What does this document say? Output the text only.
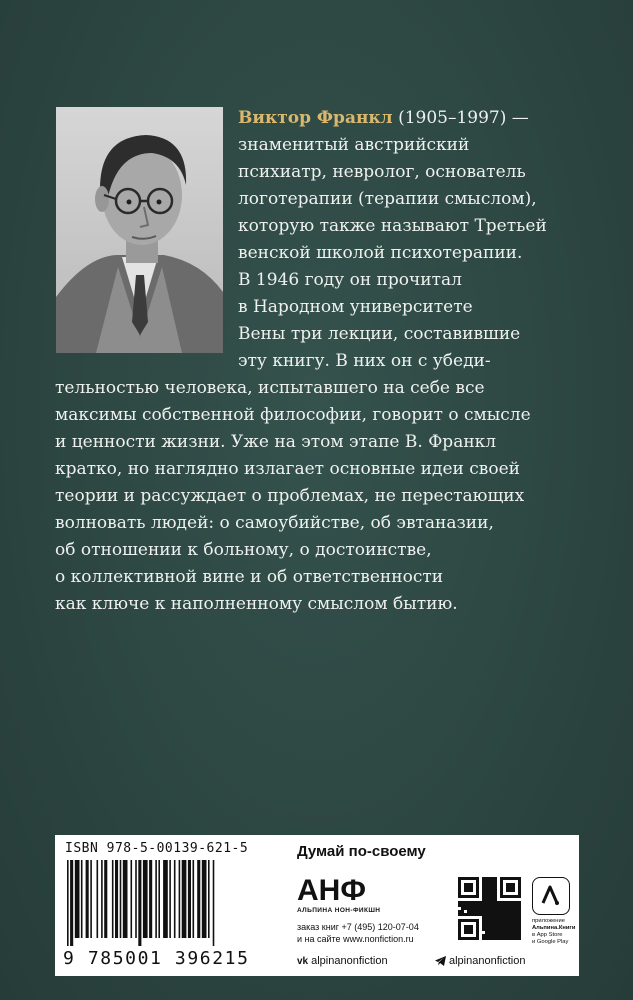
Виктор Франкл (1905–1997) —
знаменитый австрийский
психиатр, невролог, основатель
логотерапии (терапии смыслом),
которую также называют Третьей
венской школой психотерапии.
В 1946 году он прочитал
в Народном университете
Вены три лекции, составившие
эту книгу. В них он с убеди-
тельностью человека, испытавшего на себе все
максимы собственной философии, говорит о смысле
и ценности жизни. Уже на этом этапе В. Франкл
кратко, но наглядно излагает основные идеи своей
теории и рассуждает о проблемах, не перестающих
волновать людей: о самоубийстве, об эвтаназии,
об отношении к больному, о достоинстве,
о коллективной вине и об ответственности
как ключе к наполненному смыслом бытию.
ISBN 978-5-00139-621-5
9 785001 396215
Думай по-своему
АНФ
АЛЬПИНА НОН-ФИКШН
заказ книг +7 (495) 120-07-04
и на сайте www.nonfiction.ru
приложение
Альпина.Книги
в App Store
и Google Play
vk alpinanonfiction	alpinanonfiction
